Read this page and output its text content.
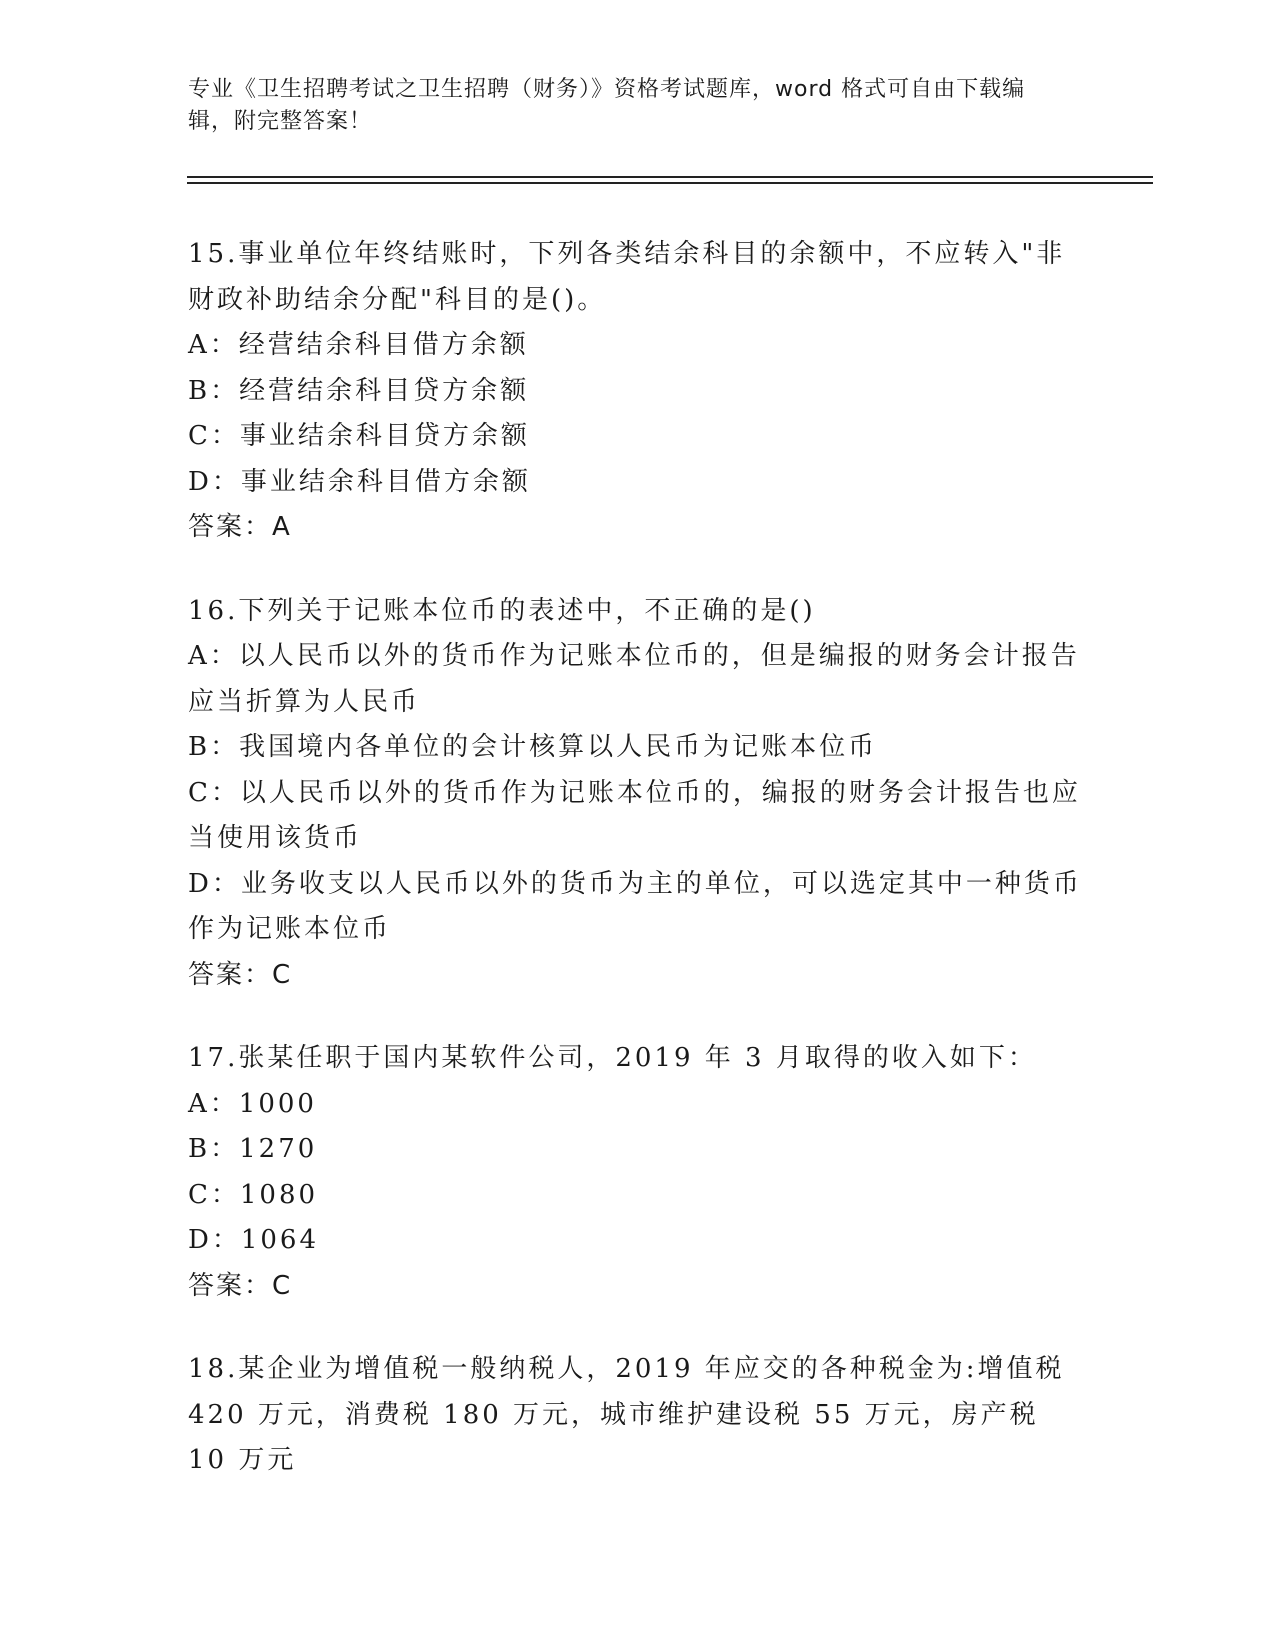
专业《卫生招聘考试之卫生招聘（财务）》资格考试题库，word 格式可自由下载编辑，附完整答案！
15.事业单位年终结账时，下列各类结余科目的余额中，不应转入"非
财政补助结余分配"科目的是()。
A：经营结余科目借方余额
B：经营结余科目贷方余额
C：事业结余科目贷方余额
D：事业结余科目借方余额
答案：A
16.下列关于记账本位币的表述中，不正确的是()
A：以人民币以外的货币作为记账本位币的，但是编报的财务会计报告
应当折算为人民币
B：我国境内各单位的会计核算以人民币为记账本位币
C：以人民币以外的货币作为记账本位币的，编报的财务会计报告也应
当使用该货币
D：业务收支以人民币以外的货币为主的单位，可以选定其中一种货币
作为记账本位币
答案：C
17.张某任职于国内某软件公司，2019 年 3 月取得的收入如下：
A：1000
B：1270
C：1080
D：1064
答案：C
18.某企业为增值税一般纳税人，2019 年应交的各种税金为:增值税
420 万元，消费税 180 万元，城市维护建设税 55 万元，房产税 10 万元
